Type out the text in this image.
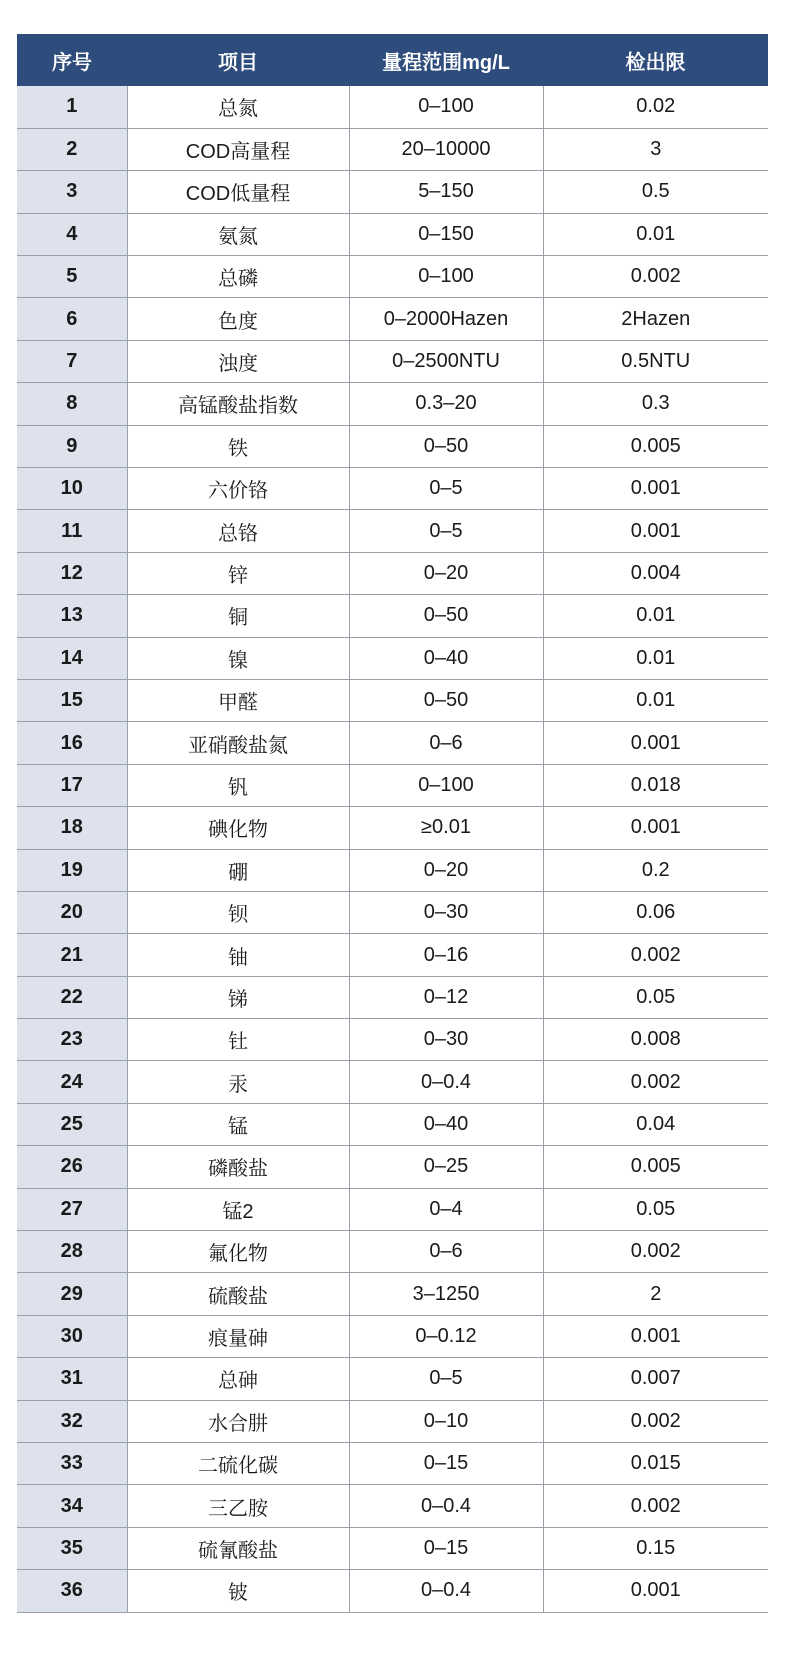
序号	项目	量程范围mg/L	检出限
1	总氮	0–100	0.02
2	COD高量程	20–10000	3
3	COD低量程	5–150	0.5
4	氨氮	0–150	0.01
5	总磷	0–100	0.002
6	色度	0–2000Hazen	2Hazen
7	浊度	0–2500NTU	0.5NTU
8	高锰酸盐指数	0.3–20	0.3
9	铁	0–50	0.005
10	六价铬	0–5	0.001
11	总铬	0–5	0.001
12	锌	0–20	0.004
13	铜	0–50	0.01
14	镍	0–40	0.01
15	甲醛	0–50	0.01
16	亚硝酸盐氮	0–6	0.001
17	钒	0–100	0.018
18	碘化物	≥0.01	0.001
19	硼	0–20	0.2
20	钡	0–30	0.06
21	铀	0–16	0.002
22	锑	0–12	0.05
23	钍	0–30	0.008
24	汞	0–0.4	0.002
25	锰	0–40	0.04
26	磷酸盐	0–25	0.005
27	锰2	0–4	0.05
28	氟化物	0–6	0.002
29	硫酸盐	3–1250	2
30	痕量砷	0–0.12	0.001
31	总砷	0–5	0.007
32	水合肼	0–10	0.002
33	二硫化碳	0–15	0.015
34	三乙胺	0–0.4	0.002
35	硫氰酸盐	0–15	0.15
36	铍	0–0.4	0.001
